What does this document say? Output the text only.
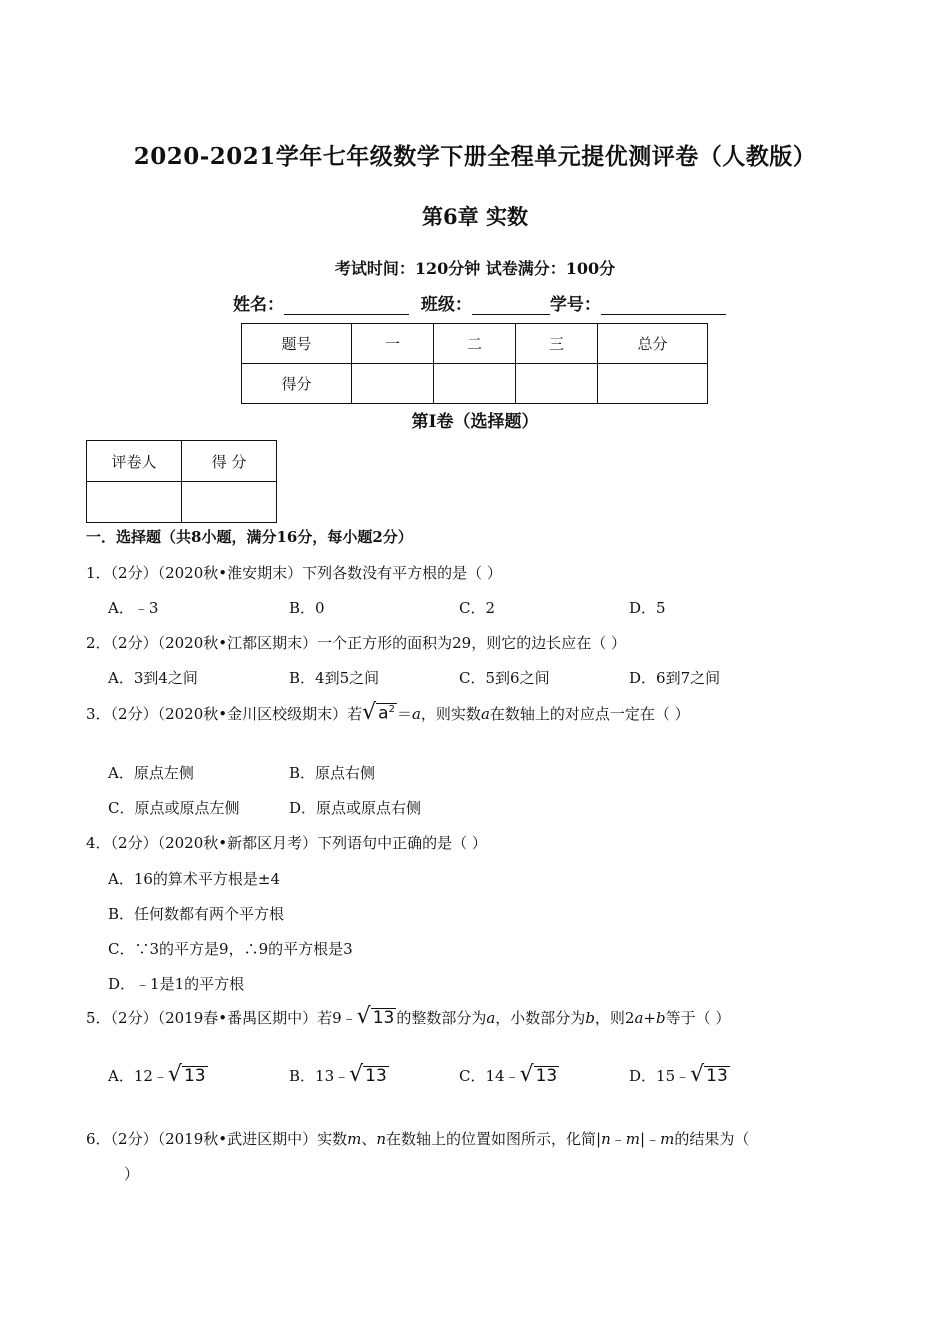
2020-2021学年七年级数学下册全程单元提优测评卷（人教版）
第6章 实数
考试时间：120分钟 试卷满分：100分
姓名：	班级：	学号：
题号	一	二	三	总分
得分				
第Ⅰ卷（选择题）
评卷人	得 分

一．选择题（共8小题，满分16分，每小题2分）
1．（2分）（2020秋•淮安期末）下列各数没有平方根的是（ ）
A．﹣3	B．0	C．2	D．5
2．（2分）（2020秋•江都区期末）一个正方形的面积为29，则它的边长应在（ ）
A．3到4之间	B．4到5之间	C．5到6之间	D．6到7之间
3．（2分）（2020秋•金川区校级期末）若√ $a^2 =a$，则实数a在数轴上的对应点一定在（ ）
A．原点左侧	B．原点右侧
C．原点或原点左侧	D．原点或原点右侧
4．（2分）（2020秋•新都区月考）下列语句中正确的是（ ）
A．16的算术平方根是±4
B．任何数都有两个平方根
C．∵3的平方是9，∴9的平方根是3
D．﹣1是1的平方根
5．（2分）（2019春•番禺区期中）若9﹣√ 13 的整数部分为a，小数部分为b，则2a+b等于（ ）
A．12﹣√ 13	B．13﹣√ 13	C．14﹣√ 13	D．15﹣√ 13
6．（2分）（2019秋•武进区期中）实数m、n在数轴上的位置如图所示，化简|n﹣m|﹣m的结果为（
）
